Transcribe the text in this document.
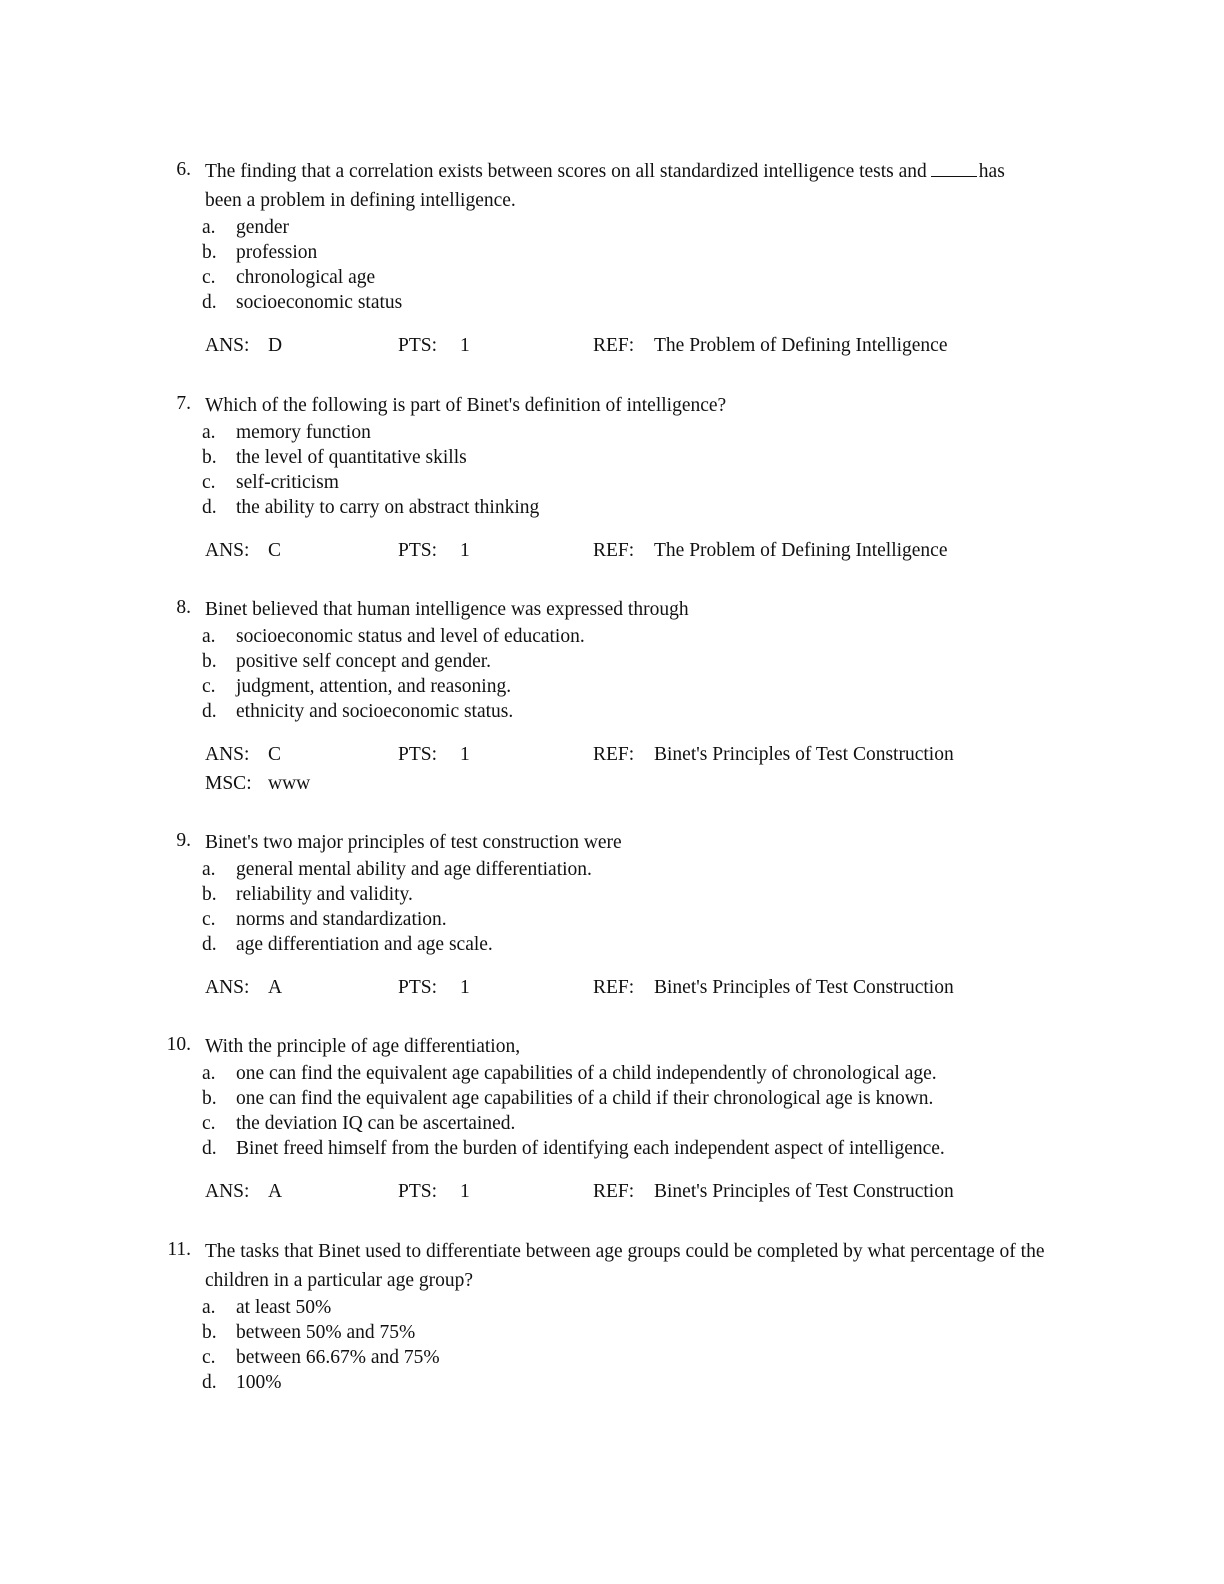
6. The finding that a correlation exists between scores on all standardized intelligence tests and	has
been a problem in defining intelligence.
a.	gender
b. profession
c.	chronological age
d. socioeconomic status
ANS: D	PTS: 1	REF: The Problem of Defining Intelligence
7. Which of the following is part of Binet's definition of intelligence?
a.	memory function
b. the level of quantitative skills
c.	self-criticism
d. the ability to carry on abstract thinking
ANS: C	PTS: 1	REF: The Problem of Defining Intelligence
8. Binet believed that human intelligence was expressed through
a.	socioeconomic status and level of education.
b. positive self concept and gender.
c.	judgment, attention, and reasoning.
d. ethnicity and socioeconomic status.
ANS: C	PTS: 1	REF: Binet's Principles of Test Construction
MSC: www
9. Binet's two major principles of test construction were
a.	general mental ability and age differentiation.
b. reliability and validity.
c.	norms and standardization.
d. age differentiation and age scale.
ANS: A	PTS: 1	REF: Binet's Principles of Test Construction
10. With the principle of age differentiation,
a.	one can find the equivalent age capabilities of a child independently of chronological age.
b. one can find the equivalent age capabilities of a child if their chronological age is known.
c.	the deviation IQ can be ascertained.
d. Binet freed himself from the burden of identifying each independent aspect of intelligence.
ANS: A	PTS: 1	REF: Binet's Principles of Test Construction
11. The tasks that Binet used to differentiate between age groups could be completed by what percentage of the children in a particular age group?
a.	at least 50%
b. between 50% and 75%
c.	between 66.67% and 75%
d. 100%
